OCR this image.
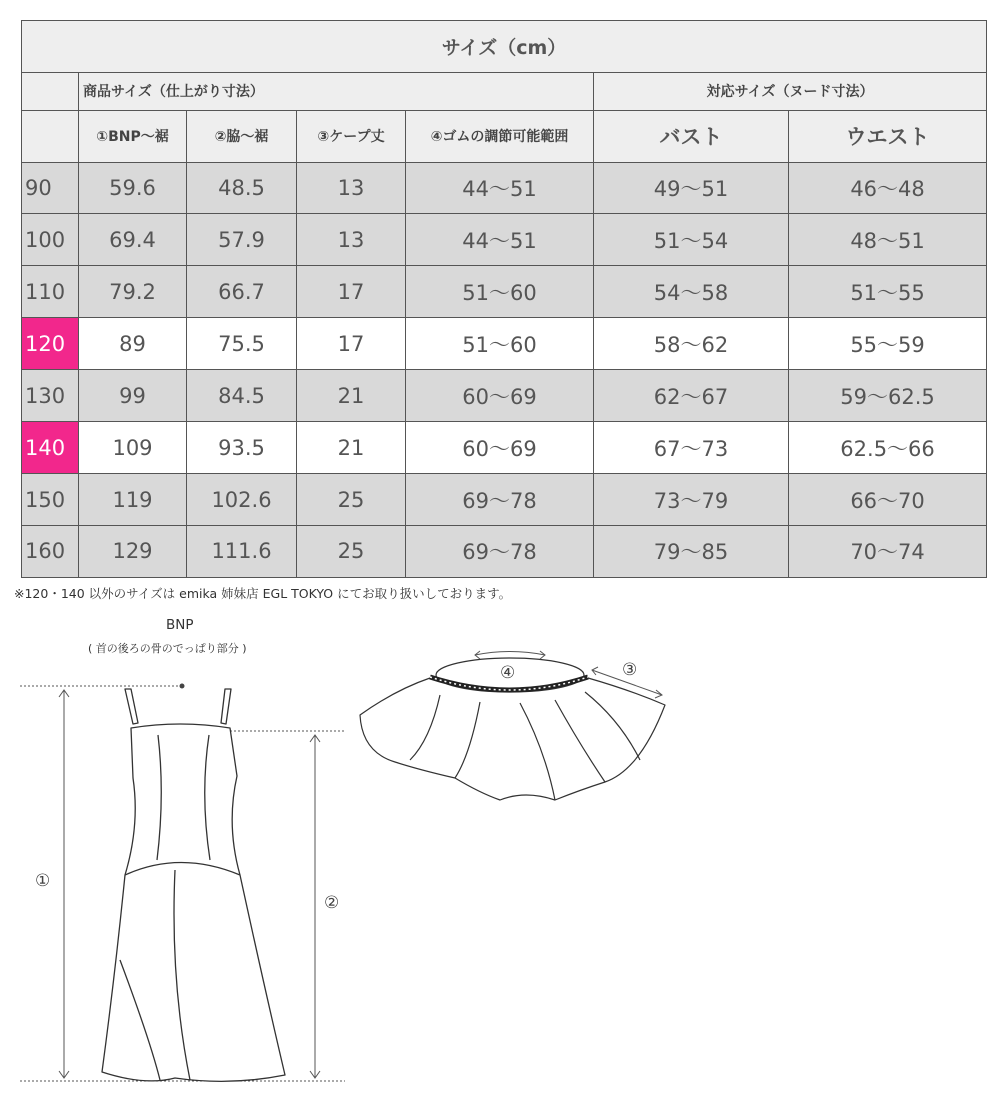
サイズ（cm）						
	商品サイズ（仕上がり寸法）				対応サイズ（ヌード寸法）	
	①BNP～裾	②脇～裾	③ケープ丈	④ゴムの調節可能範囲	バスト	ウエスト
90	59.6	48.5	13	44～51	49～51	46～48
100	69.4	57.9	13	44～51	51～54	48～51
110	79.2	66.7	17	51～60	54～58	51～55
120	89	75.5	17	51～60	58～62	55～59
130	99	84.5	21	60～69	62～67	59～62.5
140	109	93.5	21	60～69	67～73	62.5～66
150	119	102.6	25	69～78	73～79	66～70
160	129	111.6	25	69～78	79～85	70～74
※120・140 以外のサイズは emika 姉妹店 EGL TOKYO にてお取り扱いしております。
BNP
( 首の後ろの骨のでっぱり部分 )
①
②
③
④
